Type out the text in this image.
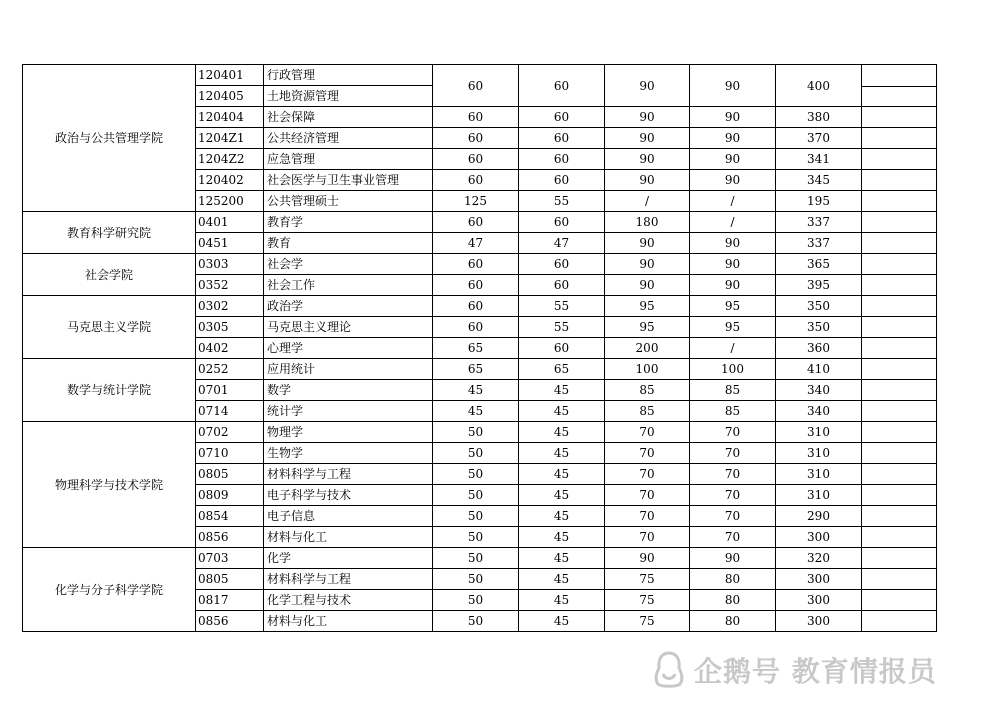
政治与公共管理学院	120401	行政管理	60	60	90	90	400	

	120405	土地资源管理						
	120404	社会保障	60	60	90	90	380	
	1204Z1	公共经济管理	60	60	90	90	370	
	1204Z2	应急管理	60	60	90	90	341	
	120402	社会医学与卫生事业管理	60	60	90	90	345	
	125200	公共管理硕士	125	55	/	/	195	
教育科学研究院	0401	教育学	60	60	180	/	337	
	0451	教育	47	47	90	90	337	
社会学院	0303	社会学	60	60	90	90	365	
	0352	社会工作	60	60	90	90	395	
马克思主义学院	0302	政治学	60	55	95	95	350	
	0305	马克思主义理论	60	55	95	95	350	
	0402	心理学	65	60	200	/	360	
数学与统计学院	0252	应用统计	65	65	100	100	410	
	0701	数学	45	45	85	85	340	
	0714	统计学	45	45	85	85	340	
物理科学与技术学院	0702	物理学	50	45	70	70	310	
	0710	生物学	50	45	70	70	310	
	0805	材料科学与工程	50	45	70	70	310	
	0809	电子科学与技术	50	45	70	70	310	
	0854	电子信息	50	45	70	70	290	
	0856	材料与化工	50	45	70	70	300	
化学与分子科学学院	0703	化学	50	45	90	90	320	
	0805	材料科学与工程	50	45	75	80	300	
	0817	化学工程与技术	50	45	75	80	300	
	0856	材料与化工	50	45	75	80	300	
企鹅号 教育情报员
